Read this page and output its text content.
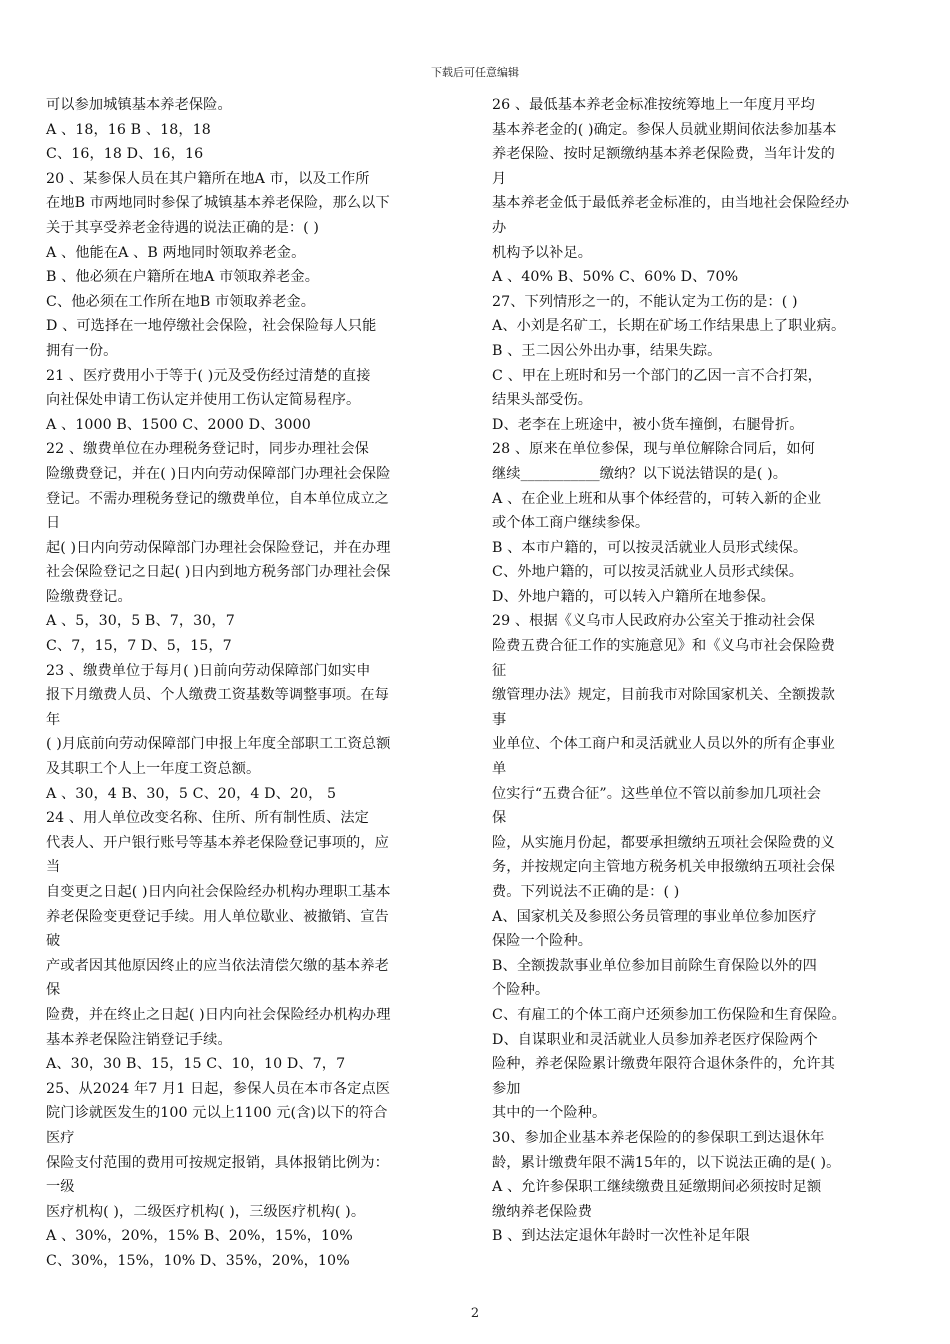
下载后可任意编辑
可以参加城镇基本养老保险。
A 、18，16 B 、18，18
C、16，18 D、16，16
20 、某参保人员在其户籍所在地A 市，以及工作所
在地B 市两地同时参保了城镇基本养老保险，那么以下
关于其享受养老金待遇的说法正确的是：( )
A 、他能在A 、B 两地同时领取养老金。
B 、他必须在户籍所在地A 市领取养老金。
C、他必须在工作所在地B 市领取养老金。
D 、可选择在一地停缴社会保险，社会保险每人只能
拥有一份。
21 、医疗费用小于等于( )元及受伤经过清楚的直接
向社保处申请工伤认定并使用工伤认定简易程序。
A 、1000 B、1500 C、2000 D、3000
22 、缴费单位在办理税务登记时，同步办理社会保
险缴费登记，并在( )日内向劳动保障部门办理社会保险
登记。不需办理税务登记的缴费单位，自本单位成立之
日
起( )日内向劳动保障部门办理社会保险登记，并在办理
社会保险登记之日起( )日内到地方税务部门办理社会保
险缴费登记。
A 、5，30，5 B、7，30，7
C、7，15，7 D、5，15，7
23 、缴费单位于每月( )日前向劳动保障部门如实申
报下月缴费人员、个人缴费工资基数等调整事项。在每
年
( )月底前向劳动保障部门申报上年度全部职工工资总额
及其职工个人上一年度工资总额。
A 、30，4 B、30，5 C、20，4 D、20， 5
24 、用人单位改变名称、住所、所有制性质、法定
代表人、开户银行账号等基本养老保险登记事项的，应
当
自变更之日起( )日内向社会保险经办机构办理职工基本
养老保险变更登记手续。用人单位歇业、被撤销、宣告
破
产或者因其他原因终止的应当依法清偿欠缴的基本养老
保
险费，并在终止之日起( )日内向社会保险经办机构办理
基本养老保险注销登记手续。
A、30，30 B、15，15 C、10，10 D、7，7
25、从2024 年7 月1 日起，参保人员在本市各定点医
院门诊就医发生的100 元以上1100 元(含)以下的符合
医疗
保险支付范围的费用可按规定报销，具体报销比例为：
一级
医疗机构( )，二级医疗机构( )，三级医疗机构( )。
A 、30%，20%，15% B、20%，15%，10%
C、30%，15%，10% D、35%，20%，10%
26 、最低基本养老金标准按统筹地上一年度月平均
基本养老金的( )确定。参保人员就业期间依法参加基本
养老保险、按时足额缴纳基本养老保险费，当年计发的
月
基本养老金低于最低养老金标准的，由当地社会保险经办
办
机构予以补足。
A 、40% B、50% C、60% D、70%
27、下列情形之一的，不能认定为工伤的是：( )
A、小刘是名矿工，长期在矿场工作结果患上了职业病。
B 、王二因公外出办事，结果失踪。
C 、甲在上班时和另一个部门的乙因一言不合打架，
结果头部受伤。
D、老李在上班途中，被小货车撞倒，右腿骨折。
28 、原来在单位参保，现与单位解除合同后，如何
继续___________缴纳？以下说法错误的是( )。
A 、在企业上班和从事个体经营的，可转入新的企业
或个体工商户继续参保。
B 、本市户籍的，可以按灵活就业人员形式续保。
C、外地户籍的，可以按灵活就业人员形式续保。
D、外地户籍的，可以转入户籍所在地参保。
29 、根据《义乌市人民政府办公室关于推动社会保
险费五费合征工作的实施意见》和《义乌市社会保险费
征
缴管理办法》规定，目前我市对除国家机关、全额拨款
事
业单位、个体工商户和灵活就业人员以外的所有企事业
单
位实行“五费合征”。这些单位不管以前参加几项社会
保
险，从实施月份起，都要承担缴纳五项社会保险费的义
务，并按规定向主管地方税务机关申报缴纳五项社会保
费。下列说法不正确的是：( )
A、国家机关及参照公务员管理的事业单位参加医疗
保险一个险种。
B、全额拨款事业单位参加目前除生育保险以外的四
个险种。
C、有雇工的个体工商户还须参加工伤保险和生育保险。
D、自谋职业和灵活就业人员参加养老医疗保险两个
险种，养老保险累计缴费年限符合退休条件的，允许其
参加
其中的一个险种。
30、参加企业基本养老保险的的参保职工到达退休年
龄，累计缴费年限不满15年的，以下说法正确的是( )。
A 、允许参保职工继续缴费且延缴期间必须按时足额
缴纳养老保险费
B 、到达法定退休年龄时一次性补足年限
2
